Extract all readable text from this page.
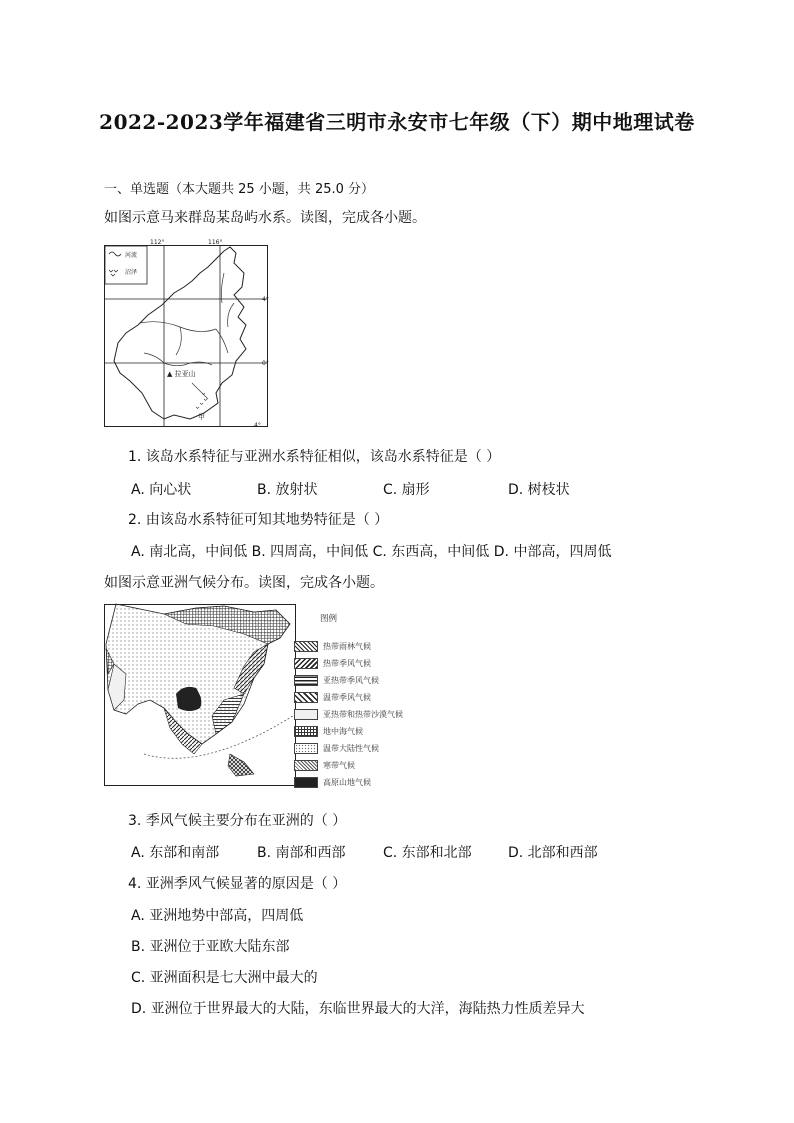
2022-2023学年福建省三明市永安市七年级（下）期中地理试卷
一、单选题（本大题共 25 小题，共 25.0 分）
如图示意马来群岛某岛屿水系。读图，完成各小题。
河流
沼泽
112°	116°
4°
0°
4°
▲ 拉亚山
甲
1. 该岛水系特征与亚洲水系特征相似，该岛水系特征是（ ）
A. 向心状	B. 放射状	C. 扇形	D. 树枝状
2. 由该岛水系特征可知其地势特征是（ ）
A. 南北高，中间低 B. 四周高，中间低 C. 东西高，中间低 D. 中部高，四周低
如图示意亚洲气候分布。读图，完成各小题。
图例
热带雨林气候
热带季风气候
亚热带季风气候
温带季风气候
亚热带和热带沙漠气候
地中海气候
温带大陆性气候
寒带气候
高原山地气候
3. 季风气候主要分布在亚洲的（ ）
A. 东部和南部	B. 南部和西部	C. 东部和北部	D. 北部和西部
4. 亚洲季风气候显著的原因是（ ）
A. 亚洲地势中部高，四周低
B. 亚洲位于亚欧大陆东部
C. 亚洲面积是七大洲中最大的
D. 亚洲位于世界最大的大陆，东临世界最大的大洋，海陆热力性质差异大
